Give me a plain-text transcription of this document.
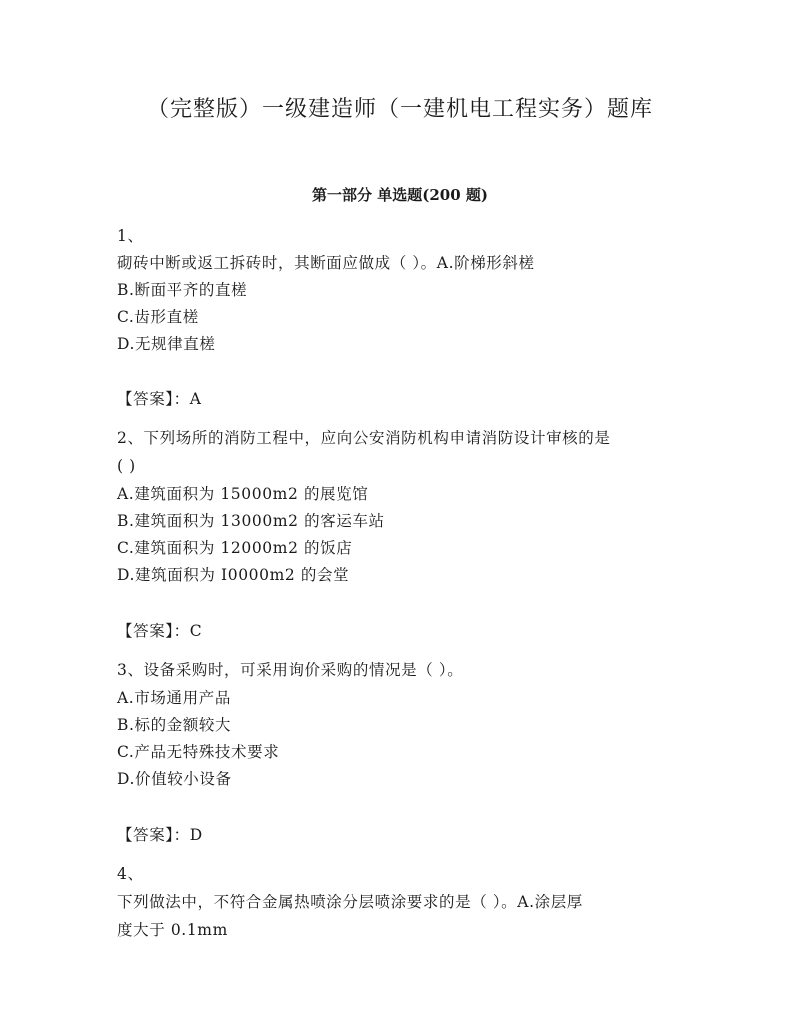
（完整版）一级建造师（一建机电工程实务）题库
第一部分 单选题(200 题)
1、
砌砖中断或返工拆砖时，其断面应做成（ ）。A.阶梯形斜槎
B.断面平齐的直槎
C.齿形直槎
D.无规律直槎
【答案】：A
2、下列场所的消防工程中，应向公安消防机构申请消防设计审核的是
( )
A.建筑面积为 15000m2 的展览馆
B.建筑面积为 13000m2 的客运车站
C.建筑面积为 12000m2 的饭店
D.建筑面积为 I0000m2 的会堂
【答案】：C
3、设备采购时，可采用询价采购的情况是（ ）。
A.市场通用产品
B.标的金额较大
C.产品无特殊技术要求
D.价值较小设备
【答案】：D
4、
下列做法中，不符合金属热喷涂分层喷涂要求的是（ ）。A.涂层厚
度大于 0.1mm
